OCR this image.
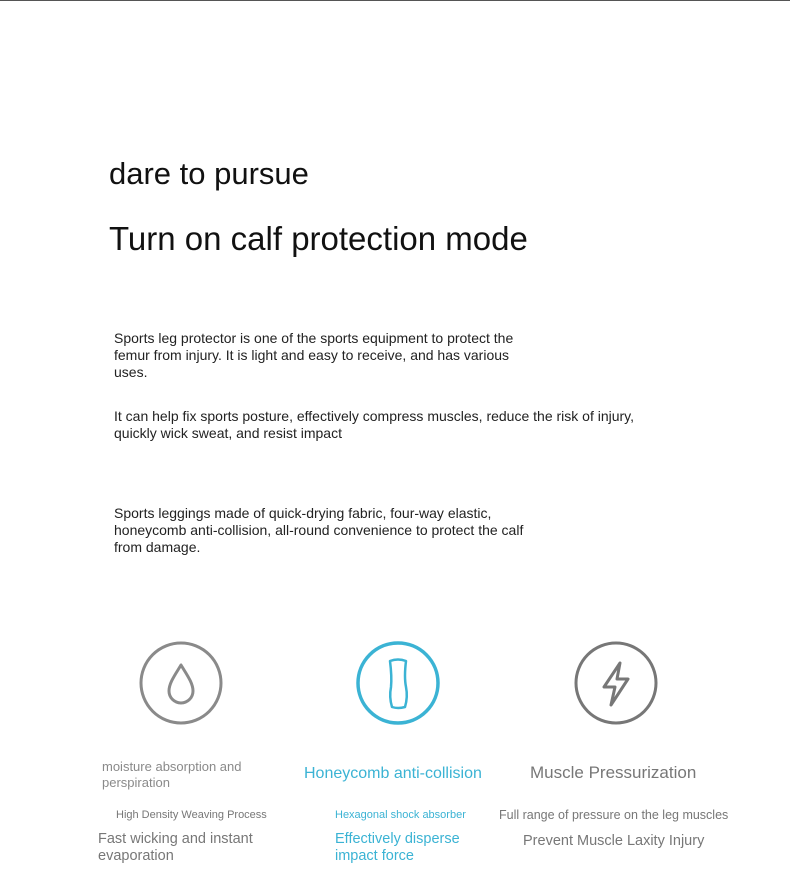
dare to pursue
Turn on calf protection mode
Sports leg protector is one of the sports equipment to protect the femur from injury. It is light and easy to receive, and has various uses.
It can help fix sports posture, effectively compress muscles, reduce the risk of injury, quickly wick sweat, and resist impact
Sports leggings made of quick-drying fabric, four-way elastic, honeycomb anti-collision, all-round convenience to protect the calf from damage.
moisture absorption and perspiration
Honeycomb anti-collision	Muscle Pressurization
High Density Weaving Process	Hexagonal shock absorber	Full range of pressure on the leg muscles
Fast wicking and instant evaporation
Effectively disperse impact force
Prevent Muscle Laxity Injury
